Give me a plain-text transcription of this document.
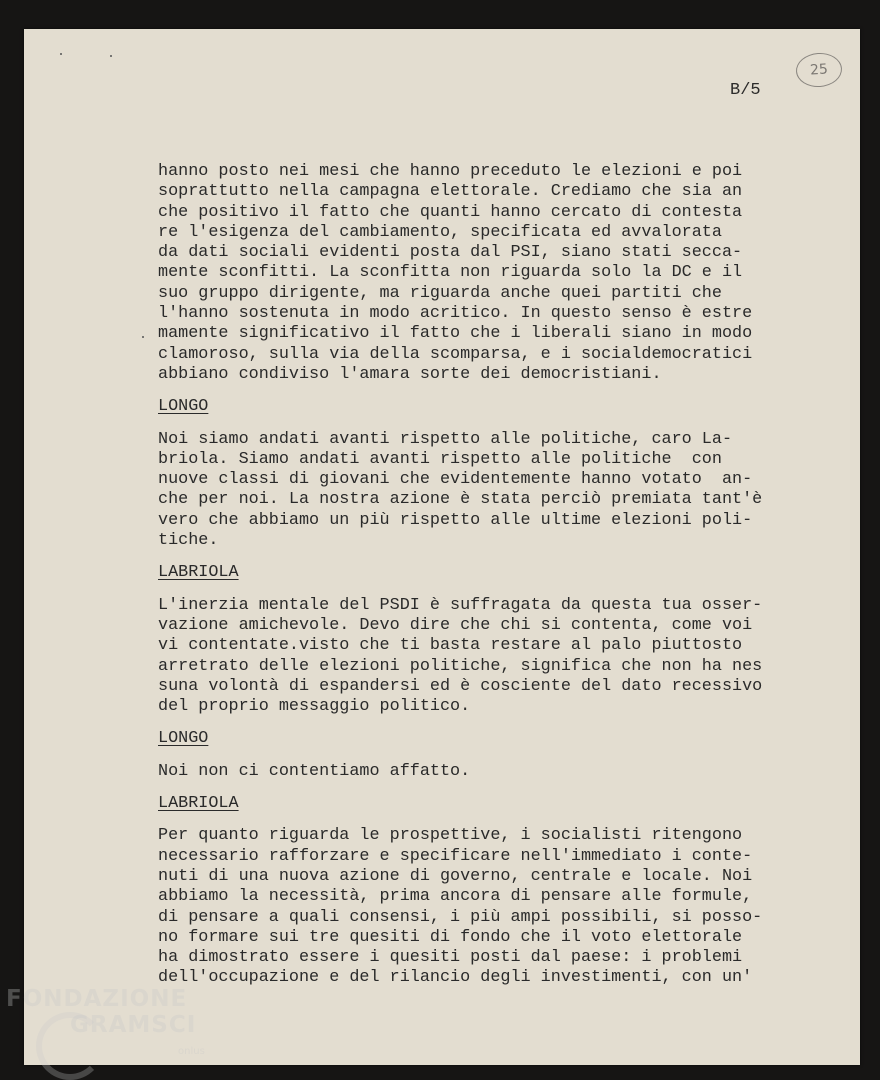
B/5
25
hanno posto nei mesi che hanno preceduto le elezioni e poi
soprattutto nella campagna elettorale. Crediamo che sia an
che positivo il fatto che quanti hanno cercato di contesta
re l'esigenza del cambiamento, specificata ed avvalorata
da dati sociali evidenti posta dal PSI, siano stati secca-
mente sconfitti. La sconfitta non riguarda solo la DC e il
suo gruppo dirigente, ma riguarda anche quei partiti che
l'hanno sostenuta in modo acritico. In questo senso è estre
mamente significativo il fatto che i liberali siano in modo
clamoroso, sulla via della scomparsa, e i socialdemocratici
abbiano condiviso l'amara sorte dei democristiani.
LONGO
Noi siamo andati avanti rispetto alle politiche, caro La-
briola. Siamo andati avanti rispetto alle politiche  con
nuove classi di giovani che evidentemente hanno votato  an-
che per noi. La nostra azione è stata perciò premiata tant'è
vero che abbiamo un più rispetto alle ultime elezioni poli-
tiche.
LABRIOLA
L'inerzia mentale del PSDI è suffragata da questa tua osser-
vazione amichevole. Devo dire che chi si contenta, come voi
vi contentate.visto che ti basta restare al palo piuttosto
arretrato delle elezioni politiche, significa che non ha nes
suna volontà di espandersi ed è cosciente del dato recessivo
del proprio messaggio politico.
LONGO
Noi non ci contentiamo affatto.
LABRIOLA
Per quanto riguarda le prospettive, i socialisti ritengono
necessario rafforzare e specificare nell'immediato i conte-
nuti di una nuova azione di governo, centrale e locale. Noi
abbiamo la necessità, prima ancora di pensare alle formule,
di pensare a quali consensi, i più ampi possibili, si posso-
no formare sui tre quesiti di fondo che il voto elettorale
ha dimostrato essere i quesiti posti dal paese: i problemi
dell'occupazione e del rilancio degli investimenti, con un'
FONDAZIONE
GRAMSCI
onlus
